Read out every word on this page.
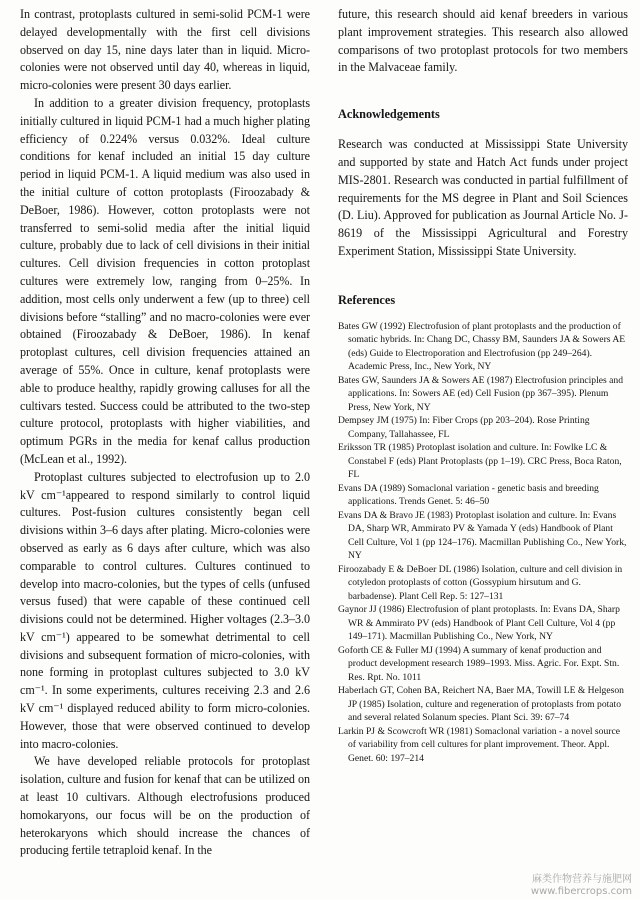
In contrast, protoplasts cultured in semi-solid PCM-1 were delayed developmentally with the first cell divisions observed on day 15, nine days later than in liquid. Micro-colonies were not observed until day 40, whereas in liquid, micro-colonies were present 30 days earlier.

In addition to a greater division frequency, protoplasts initially cultured in liquid PCM-1 had a much higher plating efficiency of 0.224% versus 0.032%. Ideal culture conditions for kenaf included an initial 15 day culture period in liquid PCM-1. A liquid medium was also used in the initial culture of cotton protoplasts (Firoozabady & DeBoer, 1986). However, cotton protoplasts were not transferred to semi-solid media after the initial liquid culture, probably due to lack of cell divisions in their initial cultures. Cell division frequencies in cotton protoplast cultures were extremely low, ranging from 0–25%. In addition, most cells only underwent a few (up to three) cell divisions before “stalling” and no macro-colonies were ever obtained (Firoozabady & DeBoer, 1986). In kenaf protoplast cultures, cell division frequencies attained an average of 55%. Once in culture, kenaf protoplasts were able to produce healthy, rapidly growing calluses for all the cultivars tested. Success could be attributed to the two-step culture protocol, protoplasts with higher viabilities, and optimum PGRs in the media for kenaf callus production (McLean et al., 1992).

Protoplast cultures subjected to electrofusion up to 2.0 kV cm⁻¹appeared to respond similarly to control liquid cultures. Post-fusion cultures consistently began cell divisions within 3–6 days after plating. Micro-colonies were observed as early as 6 days after culture, which was also comparable to control cultures. Cultures continued to develop into macro-colonies, but the types of cells (unfused versus fused) that were capable of these continued cell divisions could not be determined. Higher voltages (2.3–3.0 kV cm⁻¹) appeared to be somewhat detrimental to cell divisions and subsequent formation of micro-colonies, with none forming in protoplast cultures subjected to 3.0 kV cm⁻¹. In some experiments, cultures receiving 2.3 and 2.6 kV cm⁻¹ displayed reduced ability to form micro-colonies. However, those that were observed continued to develop into macro-colonies.

We have developed reliable protocols for protoplast isolation, culture and fusion for kenaf that can be utilized on at least 10 cultivars. Although electrofusions produced homokaryons, our focus will be on the production of heterokaryons which should increase the chances of producing fertile tetraploid kenaf. In the

future, this research should aid kenaf breeders in various plant improvement strategies. This research also allowed comparisons of two protoplast protocols for two members in the Malvaceae family.

Acknowledgements

Research was conducted at Mississippi State University and supported by state and Hatch Act funds under project MIS-2801. Research was conducted in partial fulfillment of requirements for the MS degree in Plant and Soil Sciences (D. Liu). Approved for publication as Journal Article No. J-8619 of the Mississippi Agricultural and Forestry Experiment Station, Mississippi State University.

References

Bates GW (1992) Electrofusion of plant protoplasts and the production of somatic hybrids. In: Chang DC, Chassy BM, Saunders JA & Sowers AE (eds) Guide to Electroporation and Electrofusion (pp 249–264). Academic Press, Inc., New York, NY

Bates GW, Saunders JA & Sowers AE (1987) Electrofusion principles and applications. In: Sowers AE (ed) Cell Fusion (pp 367–395). Plenum Press, New York, NY

Dempsey JM (1975) In: Fiber Crops (pp 203–204). Rose Printing Company, Tallahassee, FL

Eriksson TR (1985) Protoplast isolation and culture. In: Fowlke LC & Constabel F (eds) Plant Protoplasts (pp 1–19). CRC Press, Boca Raton, FL

Evans DA (1989) Somaclonal variation - genetic basis and breeding applications. Trends Genet. 5: 46–50

Evans DA & Bravo JE (1983) Protoplast isolation and culture. In: Evans DA, Sharp WR, Ammirato PV & Yamada Y (eds) Handbook of Plant Cell Culture, Vol 1 (pp 124–176). Macmillan Publishing Co., New York, NY

Firoozabady E & DeBoer DL (1986) Isolation, culture and cell division in cotyledon protoplasts of cotton (Gossypium hirsutum and G. barbadense). Plant Cell Rep. 5: 127–131

Gaynor JJ (1986) Electrofusion of plant protoplasts. In: Evans DA, Sharp WR & Ammirato PV (eds) Handbook of Plant Cell Culture, Vol 4 (pp 149–171). Macmillan Publishing Co., New York, NY

Goforth CE & Fuller MJ (1994) A summary of kenaf production and product development research 1989–1993. Miss. Agric. For. Expt. Stn. Res. Rpt. No. 1011

Haberlach GT, Cohen BA, Reichert NA, Baer MA, Towill LE & Helgeson JP (1985) Isolation, culture and regeneration of protoplasts from potato and several related Solanum species. Plant Sci. 39: 67–74

Larkin PJ & Scowcroft WR (1981) Somaclonal variation - a novel source of variability from cell cultures for plant improvement. Theor. Appl. Genet. 60: 197–214

麻类作物营养与施肥网
www.fibercrops.com
